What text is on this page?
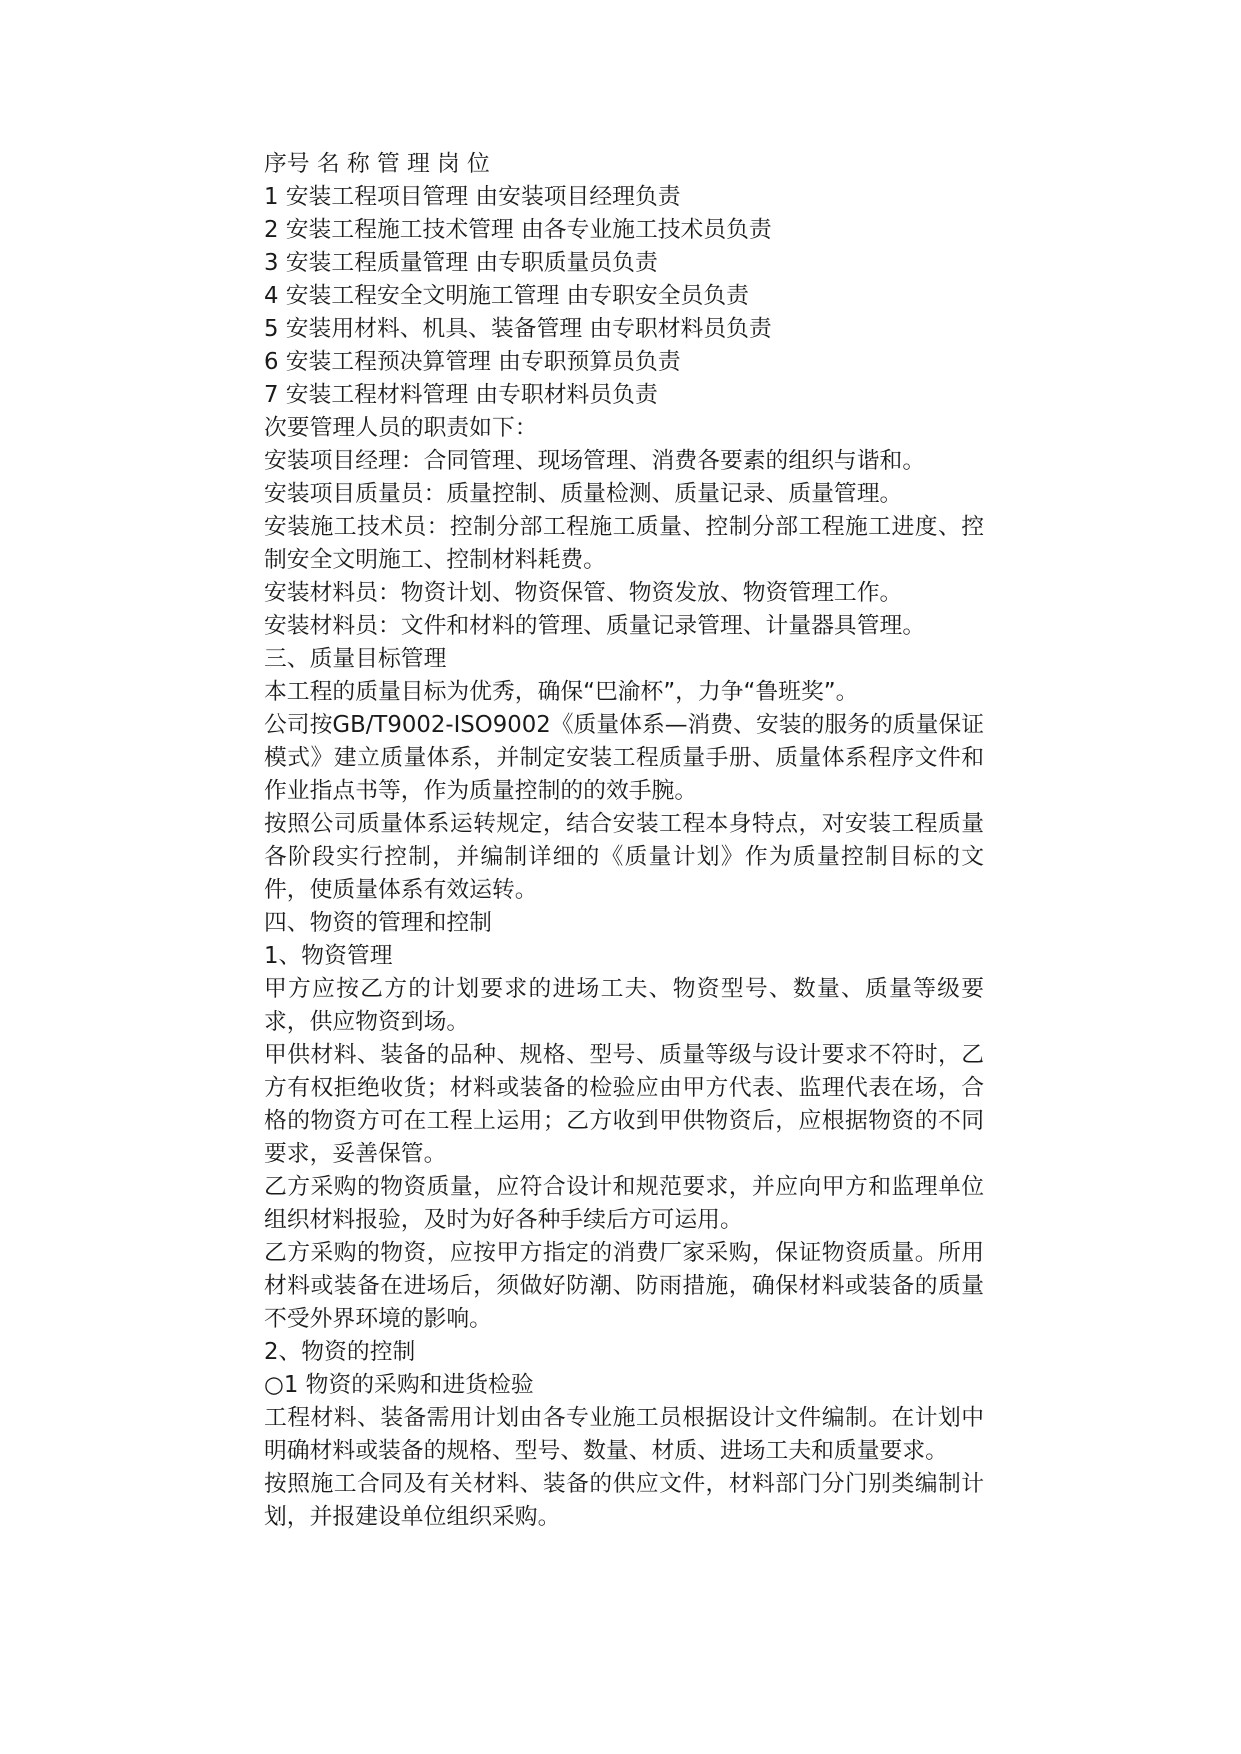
序号 名 称 管 理 岗 位

1 安装工程项目管理 由安装项目经理负责

2 安装工程施工技术管理 由各专业施工技术员负责

3 安装工程质量管理 由专职质量员负责

4 安装工程安全文明施工管理 由专职安全员负责

5 安装用材料、机具、装备管理 由专职材料员负责

6 安装工程预决算管理 由专职预算员负责

7 安装工程材料管理 由专职材料员负责

次要管理人员的职责如下：

安装项目经理：合同管理、现场管理、消费各要素的组织与谐和。

安装项目质量员：质量控制、质量检测、质量记录、质量管理。

安装施工技术员：控制分部工程施工质量、控制分部工程施工进度、控制安全文明施工、控制材料耗费。

安装材料员：物资计划、物资保管、物资发放、物资管理工作。

安装材料员：文件和材料的管理、质量记录管理、计量器具管理。

三、质量目标管理

本工程的质量目标为优秀，确保“巴渝杯”，力争“鲁班奖”。

公司按GB/T9002-ISO9002《质量体系—消费、安装的服务的质量保证模式》建立质量体系，并制定安装工程质量手册、质量体系程序文件和作业指点书等，作为质量控制的的效手腕。

按照公司质量体系运转规定，结合安装工程本身特点，对安装工程质量各阶段实行控制，并编制详细的《质量计划》作为质量控制目标的文件，使质量体系有效运转。

四、物资的管理和控制

1、物资管理

甲方应按乙方的计划要求的进场工夫、物资型号、数量、质量等级要求，供应物资到场。

甲供材料、装备的品种、规格、型号、质量等级与设计要求不符时，乙方有权拒绝收货；材料或装备的检验应由甲方代表、监理代表在场，合格的物资方可在工程上运用；乙方收到甲供物资后，应根据物资的不同要求，妥善保管。

乙方采购的物资质量，应符合设计和规范要求，并应向甲方和监理单位组织材料报验，及时为好各种手续后方可运用。

乙方采购的物资，应按甲方指定的消费厂家采购，保证物资质量。所用材料或装备在进场后，须做好防潮、防雨措施，确保材料或装备的质量不受外界环境的影响。

2、物资的控制

○1 物资的采购和进货检验

工程材料、装备需用计划由各专业施工员根据设计文件编制。在计划中明确材料或装备的规格、型号、数量、材质、进场工夫和质量要求。

按照施工合同及有关材料、装备的供应文件，材料部门分门别类编制计划，并报建设单位组织采购。
